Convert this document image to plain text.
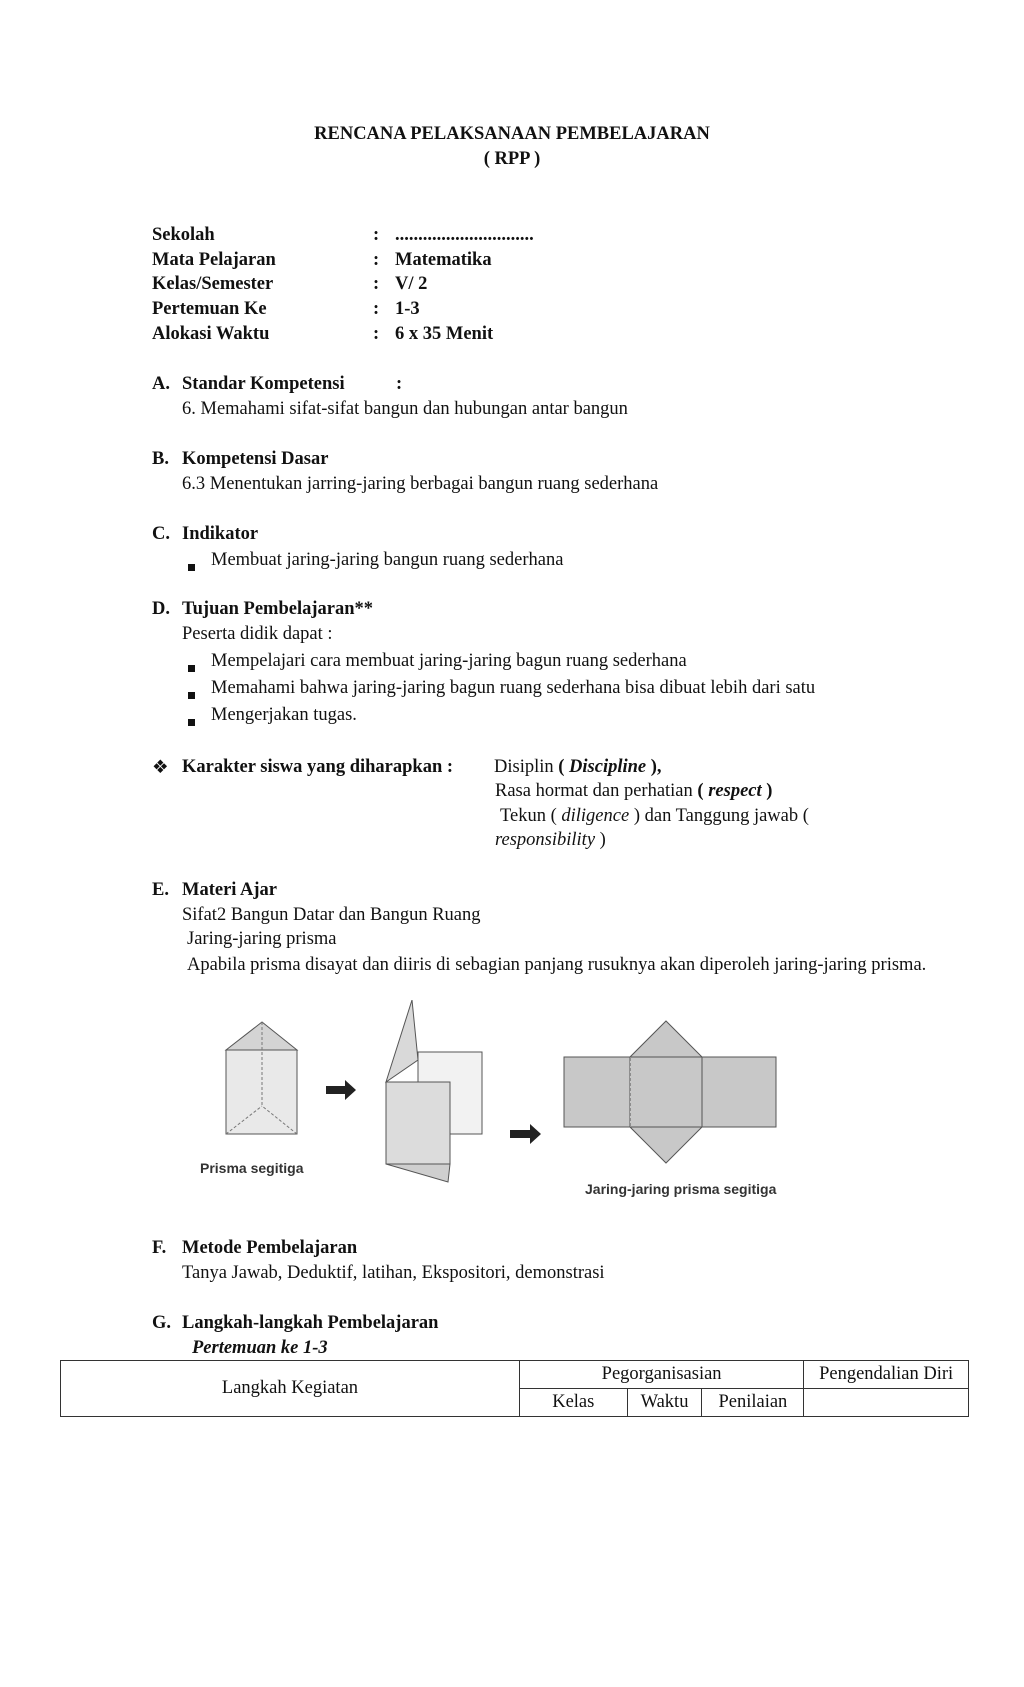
RENCANA PELAKSANAAN PEMBELAJARAN
( RPP )
Sekolah	: ..............................
Mata Pelajaran	: Matematika
Kelas/Semester	: V/ 2
Pertemuan Ke	: 1-3
Alokasi Waktu	: 6 x 35 Menit
A. Standar Kompetensi	:
6. Memahami sifat-sifat bangun dan hubungan antar bangun
B. Kompetensi Dasar
6.3 Menentukan jarring-jaring berbagai bangun ruang sederhana
C. Indikator
Membuat jaring-jaring bangun ruang sederhana
D. Tujuan Pembelajaran**
Peserta didik dapat :
Mempelajari cara membuat jaring-jaring bagun ruang sederhana
Memahami bahwa jaring-jaring bagun ruang sederhana bisa dibuat lebih dari satu
Mengerjakan tugas.
❖ Karakter siswa yang diharapkan : Disiplin ( Discipline ),
Rasa hormat dan perhatian ( respect )
Tekun ( diligence ) dan Tanggung jawab (
responsibility )
E. Materi Ajar
Sifat2 Bangun Datar dan Bangun Ruang
Jaring-jaring prisma
Apabila prisma disayat dan diiris di sebagian panjang rusuknya akan diperoleh jaring-jaring prisma.
Prisma segitiga
Jaring-jaring prisma segitiga
F. Metode Pembelajaran
Tanya Jawab, Deduktif, latihan, Ekspositori, demonstrasi
G. Langkah-langkah Pembelajaran
Pertemuan ke 1-3
Langkah Kegiatan	Pegorganisasian			Pengendalian Diri
	Kelas	Waktu	Penilaian	
